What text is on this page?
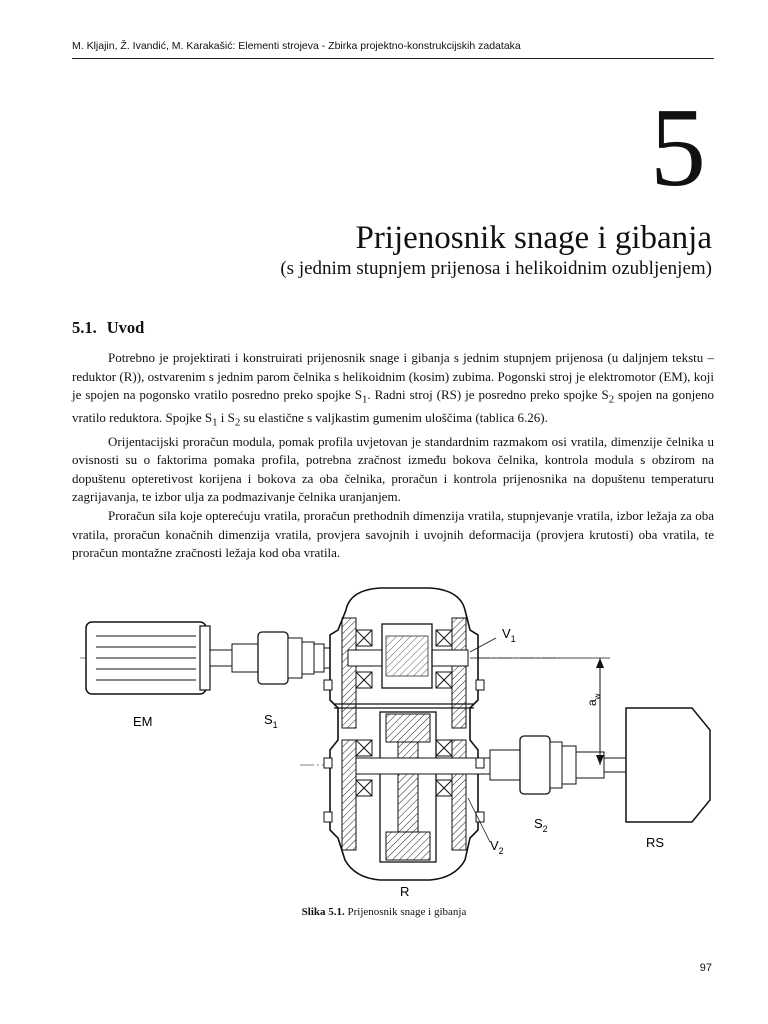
M. Kljajin, Ž. Ivandić, M. Karakašić: Elementi strojeva - Zbirka projektno-konstrukcijskih zadataka
5
Prijenosnik snage i gibanja
(s jednim stupnjem prijenosa i helikoidnim ozubljenjem)
5.1. Uvod

Potrebno je projektirati i konstruirati prijenosnik snage i gibanja s jednim stupnjem prijenosa (u daljnjem tekstu – reduktor (R)), ostvarenim s jednim parom čelnika s helikoidnim (kosim) zubima. Pogonski stroj je elektromotor (EM), koji je spojen na pogonsko vratilo posredno preko spojke $S_1$. Radni stroj (RS) je posredno preko spojke $S_2$ spojen na gonjeno vratilo reduktora. Spojke $S_1$ i $S_2$ su elastične s valjkastim gumenim uloščima (tablica 6.26).

Orijentacijski proračun modula, pomak profila uvjetovan je standardnim razmakom osi vratila, dimenzije čelnika u ovisnosti su o faktorima pomaka profila, potrebna zračnost između bokova čelnika, kontrola modula s obzirom na dopuštenu opteretivost korijena i bokova za oba čelnika, proračun i kontrola prijenosnika na dopuštenu temperaturu zagrijavanja, te izbor ulja za podmazivanje čelnika uranjanjem.

Proračun sila koje opterećuju vratila, proračun prethodnih dimenzija vratila, stupnjevanje vratila, izbor ležaja za oba vratila, proračun konačnih dimenzija vratila, provjera savojnih i uvojnih deformacija (provjera krutosti) oba vratila, te proračun montažne zračnosti ležaja kod oba vratila.

EM	$S_1$
$V_1$
$a_w$
$S_2$
RS
$V_2$
R
Slika 5.1. Prijenosnik snage i gibanja
97
